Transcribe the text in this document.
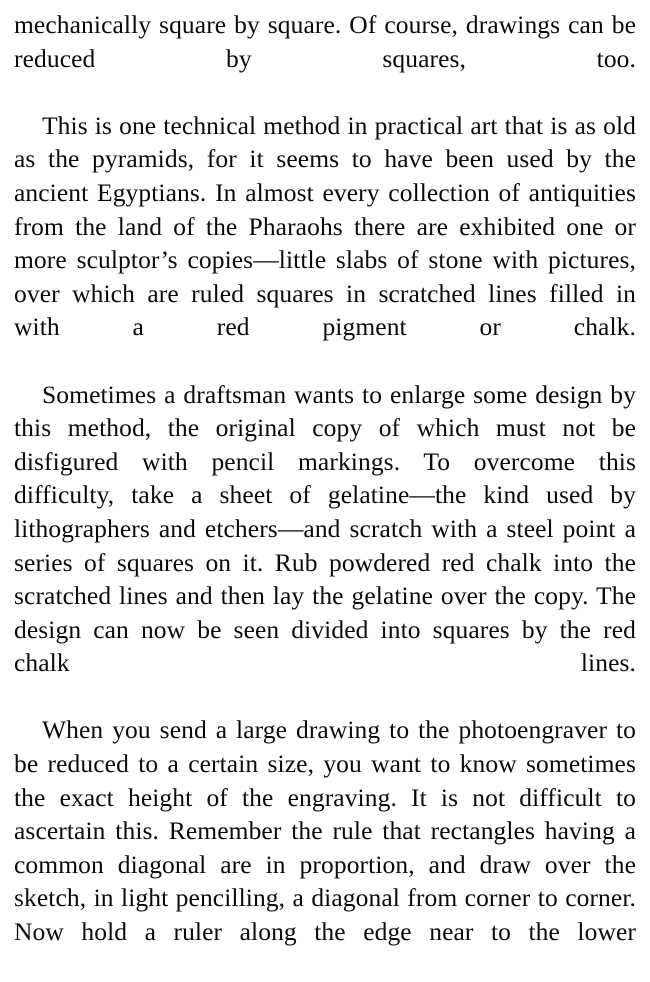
mechanically square by square. Of course, drawings can be reduced by squares, too.

This is one technical method in practical art that is as old as the pyramids, for it seems to have been used by the ancient Egyptians. In almost every collection of antiquities from the land of the Pharaohs there are exhibited one or more sculptor’s copies—little slabs of stone with pictures, over which are ruled squares in scratched lines filled in with a red pigment or chalk.

Sometimes a draftsman wants to enlarge some design by this method, the original copy of which must not be disfigured with pencil markings. To overcome this difficulty, take a sheet of gelatine—the kind used by lithographers and etchers—and scratch with a steel point a series of squares on it. Rub powdered red chalk into the scratched lines and then lay the gelatine over the copy. The design can now be seen divided into squares by the red chalk lines.

When you send a large drawing to the photoengraver to be reduced to a certain size, you want to know sometimes the exact height of the engraving. It is not difficult to ascertain this. Remember the rule that rectangles having a common diagonal are in proportion, and draw over the sketch, in light pencilling, a diagonal from corner to corner. Now hold a ruler along the edge near to the lower
